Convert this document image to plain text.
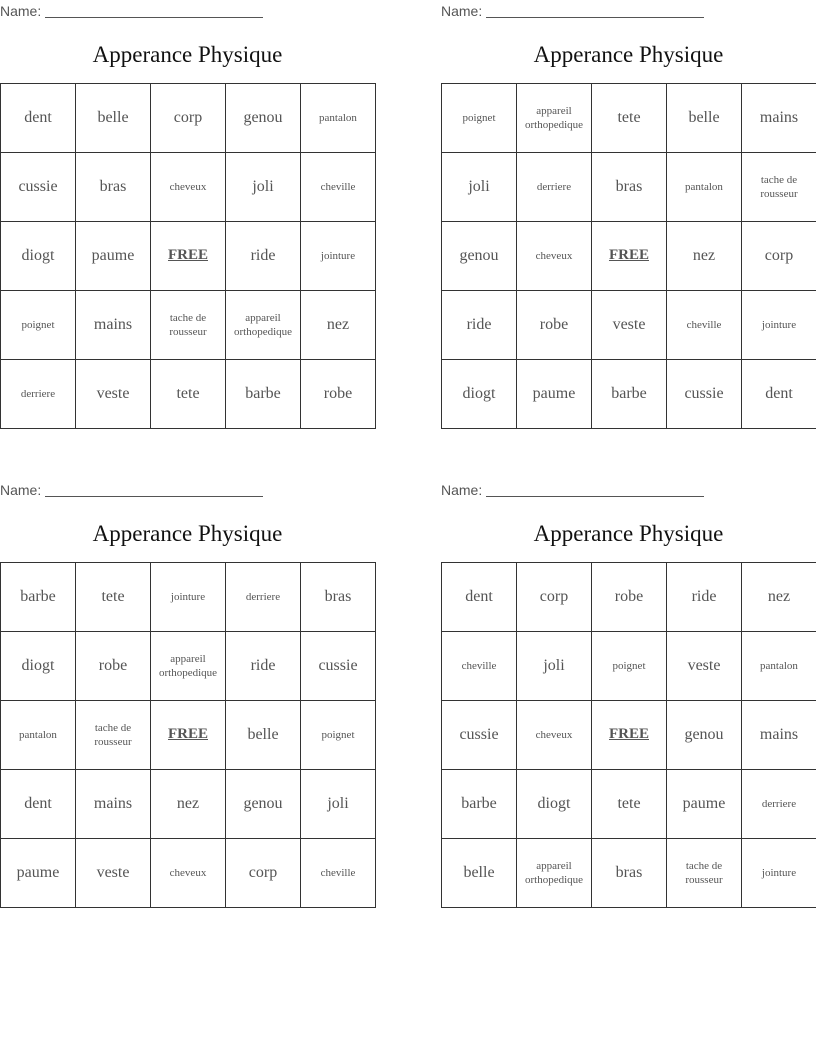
Name:
Apperance Physique
dent	belle	corp	genou	pantalon
cussie	bras	cheveux	joli	cheville
diogt	paume	FREE	ride	jointure
poignet	mains	tache de rousseur	appareil orthopedique	nez
derriere	veste	tete	barbe	robe
Name:
Apperance Physique
poignet	appareil orthopedique	tete	belle	mains
joli	derriere	bras	pantalon	tache de rousseur
genou	cheveux	FREE	nez	corp
ride	robe	veste	cheville	jointure
diogt	paume	barbe	cussie	dent
Name:
Apperance Physique
barbe	tete	jointure	derriere	bras
diogt	robe	appareil orthopedique	ride	cussie
pantalon	tache de rousseur	FREE	belle	poignet
dent	mains	nez	genou	joli
paume	veste	cheveux	corp	cheville
Name:
Apperance Physique
dent	corp	robe	ride	nez
cheville	joli	poignet	veste	pantalon
cussie	cheveux	FREE	genou	mains
barbe	diogt	tete	paume	derriere
belle	appareil orthopedique	bras	tache de rousseur	jointure
